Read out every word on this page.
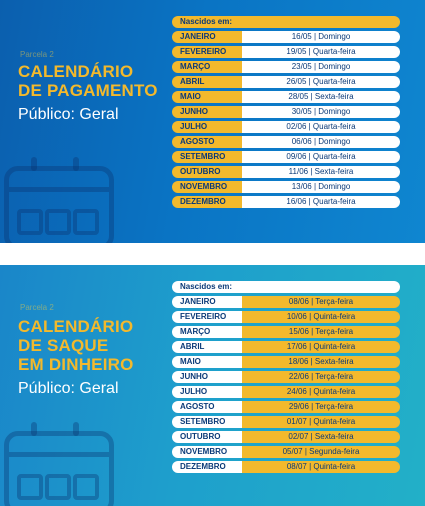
Parcela 2
CALENDÁRIO
DE PAGAMENTO
Público: Geral
Nascidos em:
JANEIRO	16/05 | Domingo
FEVEREIRO	19/05 | Quarta-feira
MARÇO	23/05 | Domingo
ABRIL	26/05 | Quarta-feira
MAIO	28/05 | Sexta-feira
JUNHO	30/05 | Domingo
JULHO	02/06 | Quarta-feira
AGOSTO	06/06 | Domingo
SETEMBRO	09/06 | Quarta-feira
OUTUBRO	11/06 | Sexta-feira
NOVEMBRO	13/06 | Domingo
DEZEMBRO	16/06 | Quarta-feira
Parcela 2
CALENDÁRIO
DE SAQUE
EM DINHEIRO
Público: Geral
Nascidos em:
JANEIRO	08/06 | Terça-feira
FEVEREIRO	10/06 | Quinta-feira
MARÇO	15/06 | Terça-feira
ABRIL	17/06 | Quinta-feira
MAIO	18/06 | Sexta-feira
JUNHO	22/06 | Terça-feira
JULHO	24/06 | Quinta-feira
AGOSTO	29/06 | Terça-feira
SETEMBRO	01/07 | Quinta-feira
OUTUBRO	02/07 | Sexta-feira
NOVEMBRO	05/07 | Segunda-feira
DEZEMBRO	08/07 | Quinta-feira
